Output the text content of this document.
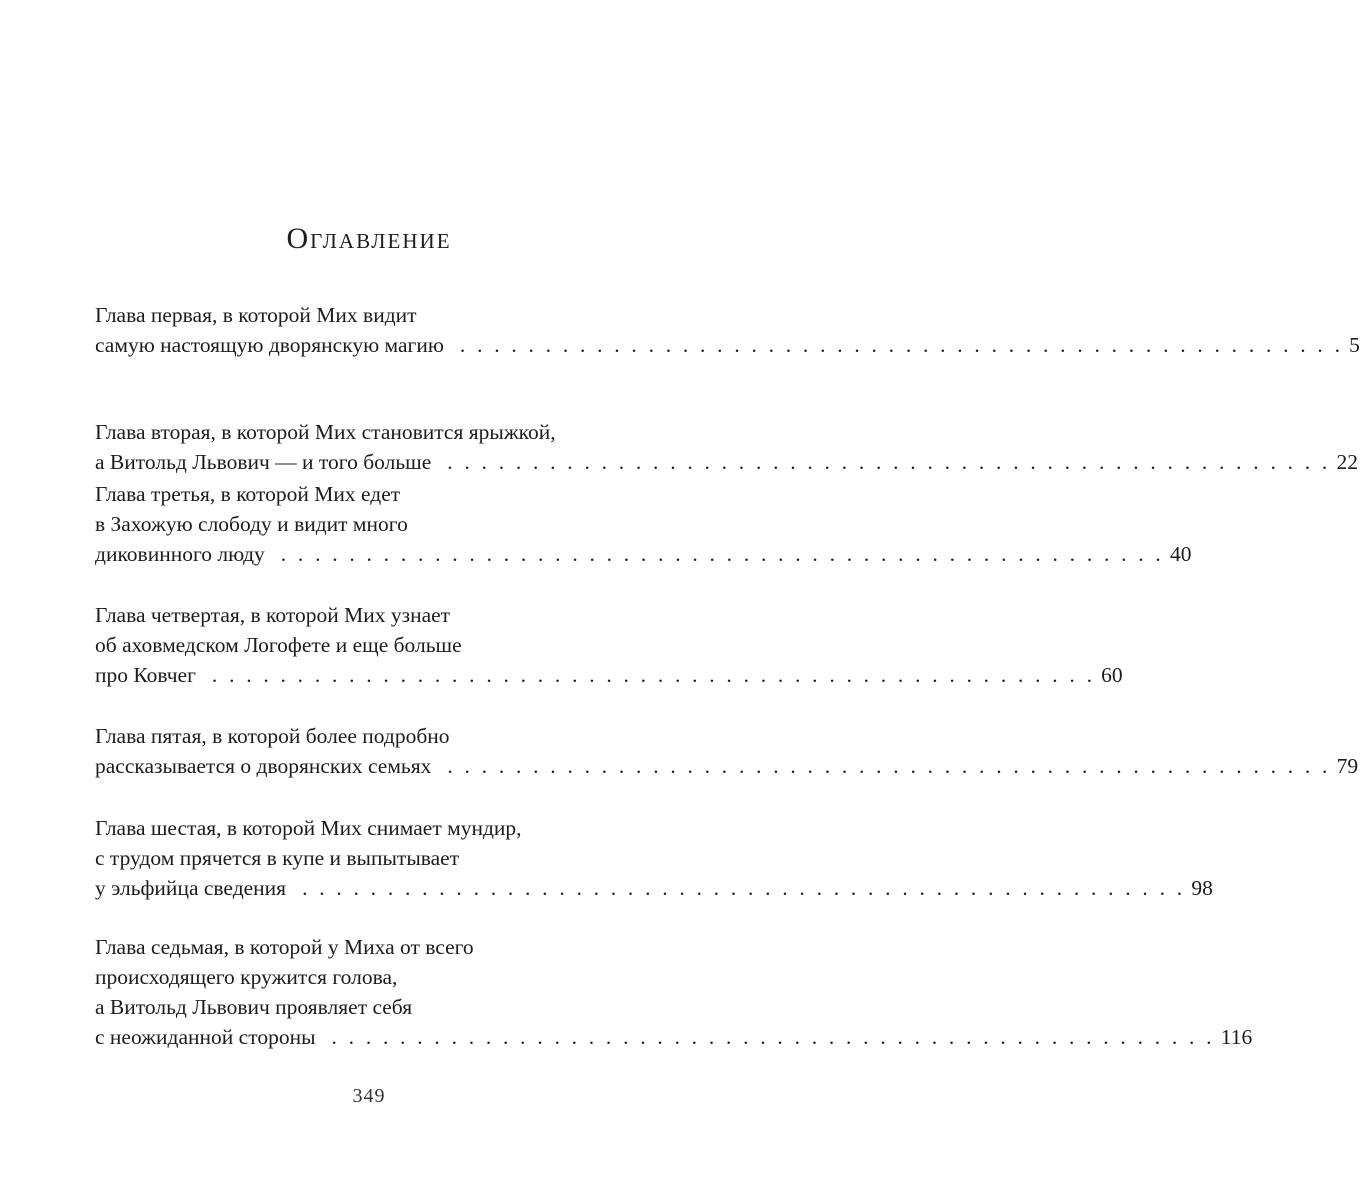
Оглавление
Глава первая, в которой Мих видит
самую настоящую дворянскую магию . . . . . . . . . . . . . . . . . . . . . . . . . . . . . . . . . . . . . . . . . . . . . . . . . . . . 5
Глава вторая, в которой Мих становится ярыжкой,
а Витольд Львович — и того больше . . . . . . . . . . . . . . . . . . . . . . . . . . . . . . . . . . . . . . . . . . . . . . . . . . . . 22
Глава третья, в которой Мих едет
в Захожую слободу и видит много
диковинного люду . . . . . . . . . . . . . . . . . . . . . . . . . . . . . . . . . . . . . . . . . . . . . . . . . . . . 40
Глава четвертая, в которой Мих узнает
об аховмедском Логофете и еще больше
про Ковчег . . . . . . . . . . . . . . . . . . . . . . . . . . . . . . . . . . . . . . . . . . . . . . . . . . . . 60
Глава пятая, в которой более подробно
рассказывается о дворянских семьях . . . . . . . . . . . . . . . . . . . . . . . . . . . . . . . . . . . . . . . . . . . . . . . . . . . . 79
Глава шестая, в которой Мих снимает мундир,
с трудом прячется в купе и выпытывает
у эльфийца сведения . . . . . . . . . . . . . . . . . . . . . . . . . . . . . . . . . . . . . . . . . . . . . . . . . . . . 98
Глава седьмая, в которой у Миха от всего
происходящего кружится голова,
а Витольд Львович проявляет себя
с неожиданной стороны . . . . . . . . . . . . . . . . . . . . . . . . . . . . . . . . . . . . . . . . . . . . . . . . . . . . 116
349
